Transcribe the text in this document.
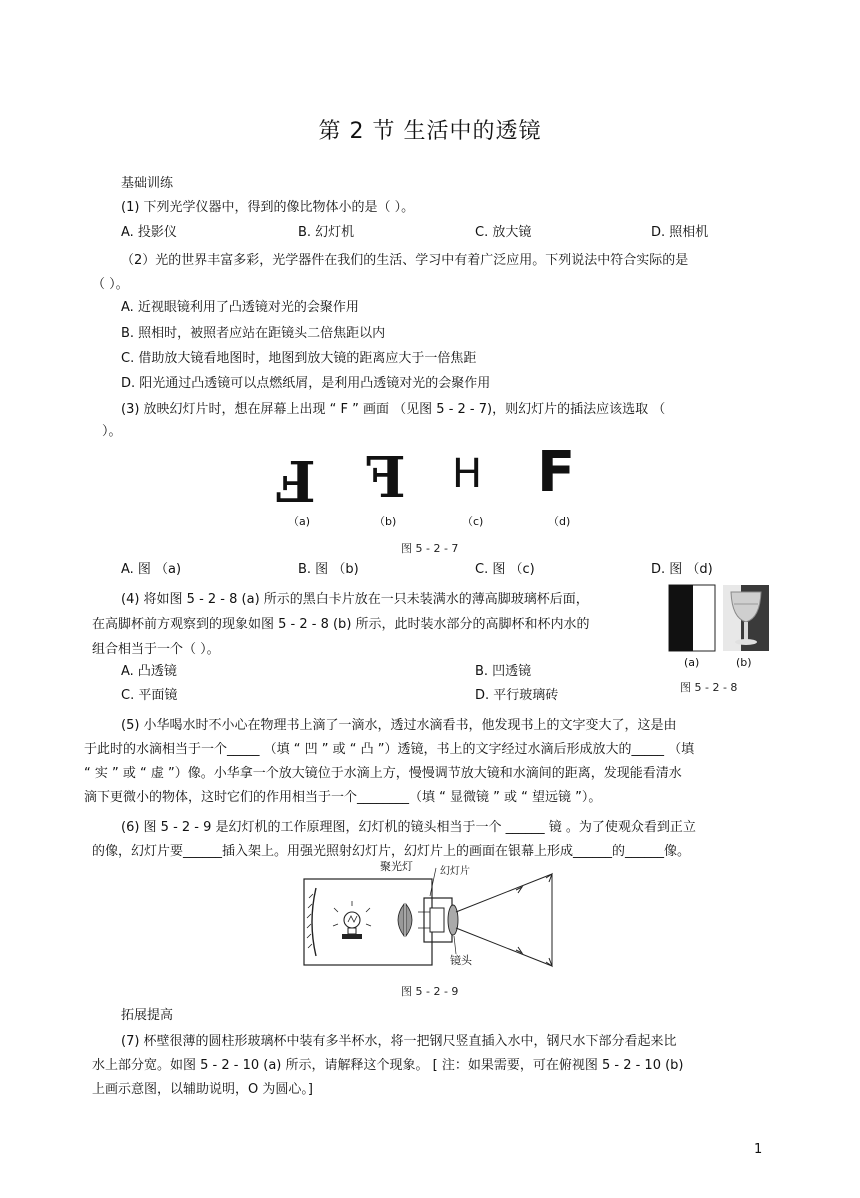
第 2 节 生活中的透镜
基础训练
(1) 下列光学仪器中，得到的像比物体小的是（ ）。
A. 投影仪	B. 幻灯机	C. 放大镜	D. 照相机
（2）光的世界丰富多彩，光学器件在我们的生活、学习中有着广泛应用。下列说法中符合实际的是
（ ）。
A. 近视眼镜利用了凸透镜对光的会聚作用
B. 照相时，被照者应站在距镜头二倍焦距以内
C. 借助放大镜看地图时，地图到放大镜的距离应大于一倍焦距
D. 阳光通过凸透镜可以点燃纸屑，是利用凸透镜对光的会聚作用
(3) 放映幻灯片时，想在屏幕上出现 “ F ” 画面 （见图 5 - 2 - 7)，则幻灯片的插法应该选取 （
）。
F F H F
（a)	（b)	（c)	（d)
图 5 - 2 - 7
A. 图 （a)	B. 图 （b)	C. 图 （c)	D. 图 （d)
(4) 将如图 5 - 2 - 8 (a) 所示的黑白卡片放在一只未装满水的薄高脚玻璃杯后面，
在高脚杯前方观察到的现象如图 5 - 2 - 8 (b) 所示，此时装水部分的高脚杯和杯内水的
组合相当于一个（ ）。
A. 凸透镜	B. 凹透镜
C. 平面镜	D. 平行玻璃砖
(a)	(b)
图 5 - 2 - 8
(5) 小华喝水时不小心在物理书上滴了一滴水，透过水滴看书，他发现书上的文字变大了，这是由
于此时的水滴相当于一个_____ （填 “ 凹 ” 或 “ 凸 ”）透镜，书上的文字经过水滴后形成放大的_____ （填
“ 实 ” 或 “ 虚 ”）像。小华拿一个放大镜位于水滴上方，慢慢调节放大镜和水滴间的距离，发现能看清水
滴下更微小的物体，这时它们的作用相当于一个________（填 “ 显微镜 ” 或 “ 望远镜 ”）。
(6) 图 5 - 2 - 9 是幻灯机的工作原理图，幻灯机的镜头相当于一个 ______ 镜 。为了使观众看到正立
的像，幻灯片要______插入架上。用强光照射幻灯片，幻灯片上的画面在银幕上形成______的______像。
聚光灯	幻灯片
镜头
图 5 - 2 - 9
拓展提高
(7) 杯壁很薄的圆柱形玻璃杯中装有多半杯水，将一把钢尺竖直插入水中，钢尺水下部分看起来比
水上部分宽。如图 5 - 2 - 10 (a) 所示，请解释这个现象。 [ 注：如果需要，可在俯视图 5 - 2 - 10 (b)
上画示意图，以辅助说明，O 为圆心。]
1
